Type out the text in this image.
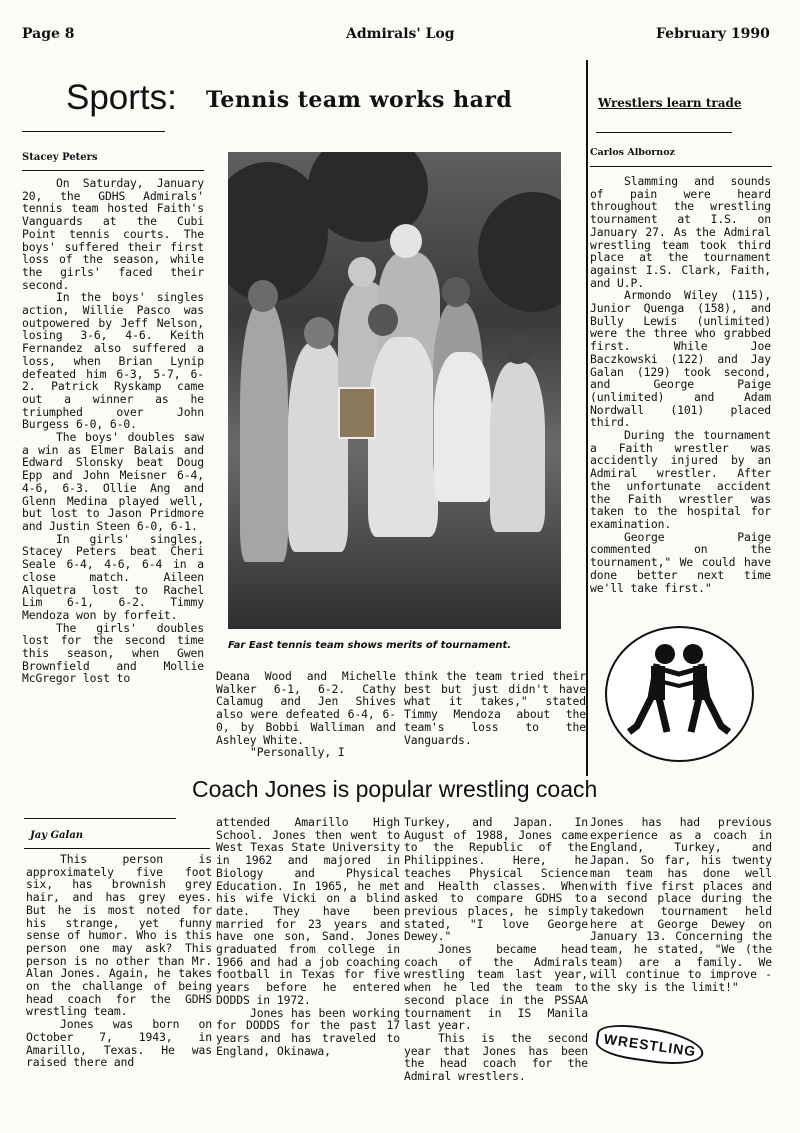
Page 8	Admirals' Log	February 1990
Sports: Tennis team works hard
Stacey Peters

On Saturday, January 20, the GDHS Admirals' tennis team hosted Faith's Vanguards at the Cubi Point tennis courts. The boys' suffered their first loss of the season, while the girls' faced their second.

In the boys' singles action, Willie Pasco was outpowered by Jeff Nelson, losing 3-6, 4-6. Keith Fernandez also suffered a loss, when Brian Lynip defeated him 6-3, 5-7, 6-2. Patrick Ryskamp came out a winner as he triumphed over John Burgess 6-0, 6-0.

The boys' doubles saw a win as Elmer Balais and Edward Slonsky beat Doug Epp and John Meisner 6-4, 4-6, 6-3. Ollie Ang and Glenn Medina played well, but lost to Jason Pridmore and Justin Steen 6-0, 6-1.

In girls' singles, Stacey Peters beat Cheri Seale 6-4, 4-6, 6-4 in a close match. Aileen Alquetra lost to Rachel Lim 6-1, 6-2. Timmy Mendoza won by forfeit.

The girls' doubles lost for the second time this season, when Gwen Brownfield and Mollie McGregor lost to

Far East tennis team shows merits of tournament.

Deana Wood and Michelle Walker 6-1, 6-2. Cathy Calamug and Jen Shives also were defeated 6-4, 6-0, by Bobbi Walliman and Ashley White.

"Personally, I

think the team tried their best but just didn't have what it takes," stated Timmy Mendoza about the team's loss to the Vanguards.

Wrestlers learn trade
Carlos Albornoz

Slamming and sounds of pain were heard throughout the wrestling tournament at I.S. on January 27. As the Admiral wrestling team took third place at the tournament against I.S. Clark, Faith, and U.P.

Armondo Wiley (115), Junior Quenga (158), and Bully Lewis (unlimited) were the three who grabbed first. While Joe Baczkowski (122) and Jay Galan (129) took second, and George Paige (unlimited) and Adam Nordwall (101) placed third.

During the tournament a Faith wrestler was accidently injured by an Admiral wrestler. After the unfortunate accident the Faith wrestler was taken to the hospital for examination.

George Paige commented on the tournament," We could have done better next time we'll take first."

Coach Jones is popular wrestling coach
Jay Galan

This person is approximately five foot six, has brownish grey hair, and has grey eyes. But he is most noted for his strange, yet funny sense of humor. Who is this person one may ask? This person is no other than Mr. Alan Jones. Again, he takes on the challange of being head coach for the GDHS wrestling team.

Jones was born on October 7, 1943, in Amarillo, Texas. He was raised there and

attended Amarillo High School. Jones then went to West Texas State University in 1962 and majored in Biology and Physical Education. In 1965, he met his wife Vicki on a blind date. They have been married for 23 years and have one son, Sand. Jones graduated from college in 1966 and had a job coaching football in Texas for five years before he entered DODDS in 1972.

Jones has been working for DODDS for the past 17 years and has traveled to England, Okinawa,

Turkey, and Japan. In August of 1988, Jones came to the Republic of the Philippines. Here, he teaches Physical Science and Health classes. When asked to compare GDHS to previous places, he simply stated, "I love George Dewey."

Jones became head coach of the Admirals wrestling team last year, when he led the team to second place in the PSSAA tournament in IS Manila last year.

This is the second year that Jones has been the head coach for the Admiral wrestlers.

Jones has had previous experience as a coach in England, Turkey, and Japan. So far, his twenty man team has done well with five first places and a second place during the takedown tournament held here at George Dewey on January 13. Concerning the team, he stated, "We (the team) are a family. We will continue to improve - the sky is the limit!"

WRESTLING
